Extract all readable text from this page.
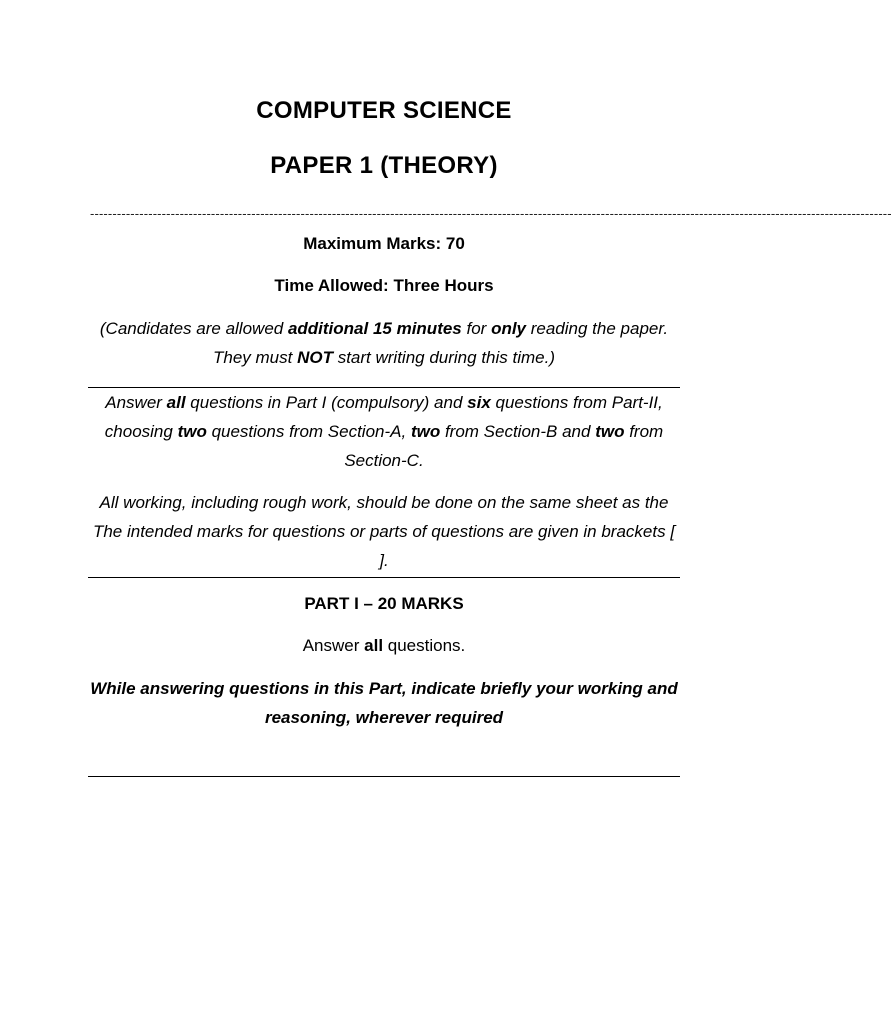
COMPUTER SCIENCE
PAPER 1 (THEORY)
-----------------------------------------------------------------------------------------------------------------------------------------------------------------------------------
Maximum Marks: 70
Time Allowed: Three Hours
(Candidates are allowed additional 15 minutes for only reading the paper. They must NOT start writing during this time.)
Answer all questions in Part I (compulsory) and six questions from Part-II, choosing two questions from Section-A, two from Section-B and two from Section-C.
All working, including rough work, should be done on the same sheet as the The intended marks for questions or parts of questions are given in brackets [ ].
PART I – 20 MARKS
Answer all questions.
While answering questions in this Part, indicate briefly your working and reasoning, wherever required
